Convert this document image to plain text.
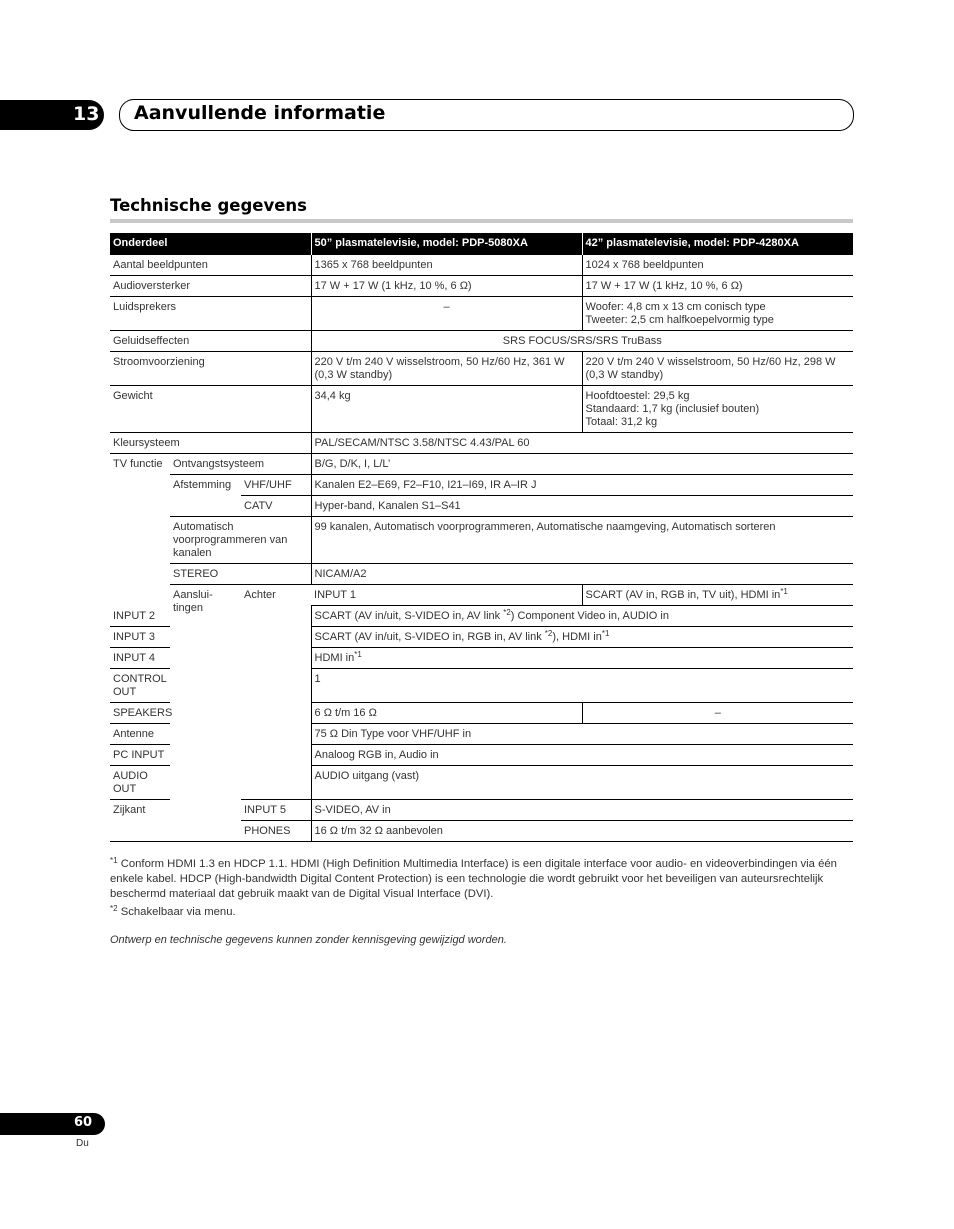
13 Aanvullende informatie
Technische gegevens
Onderdeel			50” plasmatelevisie, model: PDP-5080XA	42” plasmatelevisie, model: PDP-4280XA
Aantal beeldpunten			1365 x 768 beeldpunten	1024 x 768 beeldpunten
Audioversterker			17 W + 17 W (1 kHz, 10 %, 6 Ω)	17 W + 17 W (1 kHz, 10 %, 6 Ω)
Luidsprekers			–	Woofer: 4,8 cm x 13 cm conisch type
Tweeter: 2,5 cm halfkoepelvormig type
Geluidseffecten			SRS FOCUS/SRS/SRS TruBass	
Stroomvoorziening			220 V t/m 240 V wisselstroom, 50 Hz/60 Hz, 361 W (0,3 W standby)	220 V t/m 240 V wisselstroom, 50 Hz/60 Hz, 298 W (0,3 W standby)
Gewicht			34,4 kg	Hoofdtoestel: 29,5 kg
Standaard: 1,7 kg (inclusief bouten)
Totaal: 31,2 kg
Kleursysteem			PAL/SECAM/NTSC 3.58/NTSC 4.43/PAL 60	
TV functie	Ontvangstsysteem		B/G, D/K, I, L/L’	
	Afstemming	VHF/UHF	Kanalen E2–E69, F2–F10, I21–I69, IR A–IR J	
		CATV	Hyper-band, Kanalen S1–S41	
	Automatisch voorprogrammeren van kanalen		99 kanalen, Automatisch voorprogrammeren, Automatische naamgeving, Automatisch sorteren	
	STEREO		NICAM/A2	
	Aanslui-tingen	Achter	INPUT 1	SCART (AV in, RGB in, TV uit), HDMI $in^{*1}$
INPUT 2			SCART (AV in/uit, S-VIDEO in, AV link $^{*2}$) Component Video in, AUDIO in	
INPUT 3			SCART (AV in/uit, S-VIDEO in, RGB in, AV link $^{*2}$), HDMI $in^{*1}$
INPUT 4			HDMI $in^{*1}$
CONTROL OUT			1	
SPEAKERS			6 Ω t/m 16 Ω	–
Antenne			75 Ω Din Type voor VHF/UHF in	
PC INPUT			Analoog RGB in, Audio in	
AUDIO OUT			AUDIO uitgang (vast)	
Zijkant		INPUT 5	S-VIDEO, AV in	
		PHONES	16 Ω t/m 32 Ω aanbevolen	
$^{*1}$ Conform HDMI 1.3 en HDCP 1.1. HDMI (High Definition Multimedia Interface) is een digitale interface voor audio- en videoverbindingen via één enkele kabel. HDCP (High-bandwidth Digital Content Protection) is een technologie die wordt gebruikt voor het beveiligen van auteursrechtelijk beschermd materiaal dat gebruik maakt van de Digital Visual Interface (DVI).
$^{*2}$ Schakelbaar via menu.
Ontwerp en technische gegevens kunnen zonder kennisgeving gewijzigd worden.
60
Du
